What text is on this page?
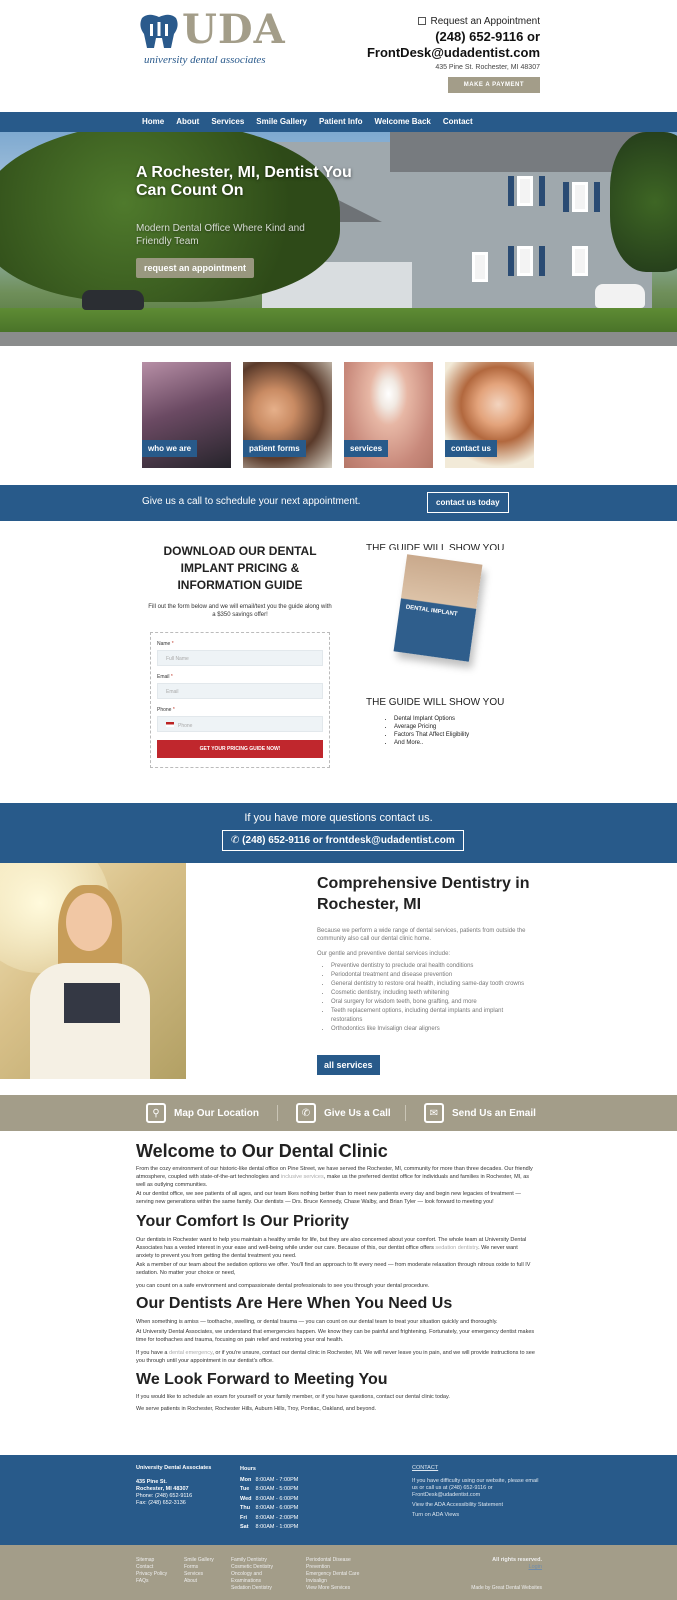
UDA
university dental associates
Request an Appointment
(248) 652-9116 or
FrontDesk@udadentist.com
435 Pine St. Rochester, MI 48307
MAKE A PAYMENT
Home About Services Smile Gallery Patient Info Welcome Back Contact
A Rochester, MI, Dentist You Can Count On
Modern Dental Office Where Kind and Friendly Team
request an appointment
who we are	patient forms	services	contact us
Give us a call to schedule your next appointment.	contact us today
DOWNLOAD OUR DENTAL IMPLANT PRICING & INFORMATION GUIDE
Fill out the form below and we will email/text you the guide along with a $350 savings offer!
Name *
Full Name
Email *
Email
Phone *
Phone
GET YOUR PRICING GUIDE NOW!
THE GUIDE WILL SHOW YOU
DENTAL IMPLANT
THE GUIDE WILL SHOW YOU
• Dental Implant Options
• Average Pricing
• Factors That Affect Eligibility
• And More..
If you have more questions contact us.
✆ (248) 652-9116 or frontdesk@udadentist.com
Comprehensive Dentistry in Rochester, MI
Because we perform a wide range of dental services, patients from outside the community also call our dental clinic home.
Our gentle and preventive dental services include:
• Preventive dentistry to preclude oral health conditions
• Periodontal treatment and disease prevention
• General dentistry to restore oral health, including same-day tooth crowns
• Cosmetic dentistry, including teeth whitening
• Oral surgery for wisdom teeth, bone grafting, and more
• Teeth replacement options, including dental implants and implant restorations
• Orthodontics like Invisalign clear aligners
all services
⚲	Map Our Location	✆	Give Us a Call	✉	Send Us an Email
Welcome to Our Dental Clinic

From the cozy environment of our historic-like dental office on Pine Street, we have served the Rochester, MI, community for more than three decades. Our friendly atmosphere, coupled with state-of-the-art technologies and inclusive services, make us the preferred dentist office for individuals and families in Rochester, MI, as well as outlying communities.

At our dentist office, we see patients of all ages, and our team likes nothing better than to meet new patients every day and begin new legacies of treatment — serving new generations within the same family. Our dentists — Drs. Bruce Kennedy, Chase Walby, and Brian Tyler — look forward to meeting you!

Your Comfort Is Our Priority

Our dentists in Rochester want to help you maintain a healthy smile for life, but they are also concerned about your comfort. The whole team at University Dental Associates has a vested interest in your ease and well-being while under our care. Because of this, our dentist office offers sedation dentistry. We never want anxiety to prevent you from getting the dental treatment you need.

Ask a member of our team about the sedation options we offer. You'll find an approach to fit every need — from moderate relaxation through nitrous oxide to full IV sedation. No matter your choice or need,

you can count on a safe environment and compassionate dental professionals to see you through your dental procedure.

Our Dentists Are Here When You Need Us

When something is amiss — toothache, swelling, or dental trauma — you can count on our dental team to treat your situation quickly and thoroughly.

At University Dental Associates, we understand that emergencies happen. We know they can be painful and frightening. Fortunately, your emergency dentist makes time for toothaches and trauma, focusing on pain relief and restoring your oral health.

If you have a dental emergency, or if you're unsure, contact our dental clinic in Rochester, MI. We will never leave you in pain, and we will provide instructions to see you through until your appointment in our dentist's office.

We Look Forward to Meeting You

If you would like to schedule an exam for yourself or your family member, or if you have questions, contact our dental clinic today.

We serve patients in Rochester, Rochester Hills, Auburn Hills, Troy, Pontiac, Oakland, and beyond.

University Dental Associates
435 Pine St.
Rochester, MI 48307
Phone: (248) 652-9116
Fax: (248) 652-3136
Hours
Mon 8:00AM - 7:00PM
Tue 8:00AM - 5:00PM
Wed 8:00AM - 6:00PM
Thu 8:00AM - 6:00PM
Fri 8:00AM - 2:00PM
Sat 8:00AM - 1:00PM
CONTACT

If you have difficulty using our website, please email us or call us at (248) 652-9116 or FrontDesk@udadentist.com

View the ADA Accessibility Statement

Turn on ADA Views

Sitemap
Contact
Privacy Policy
FAQs
Smile Gallery
Forms
Services
About
Family Dentistry
Cosmetic Dentistry
Oncology and
Examinations
Sedation Dentistry
Periodontal Disease
Prevention
Emergency Dental Care
Invisalign
View More Services
All rights reserved.
Login
Made by Great Dental Websites
